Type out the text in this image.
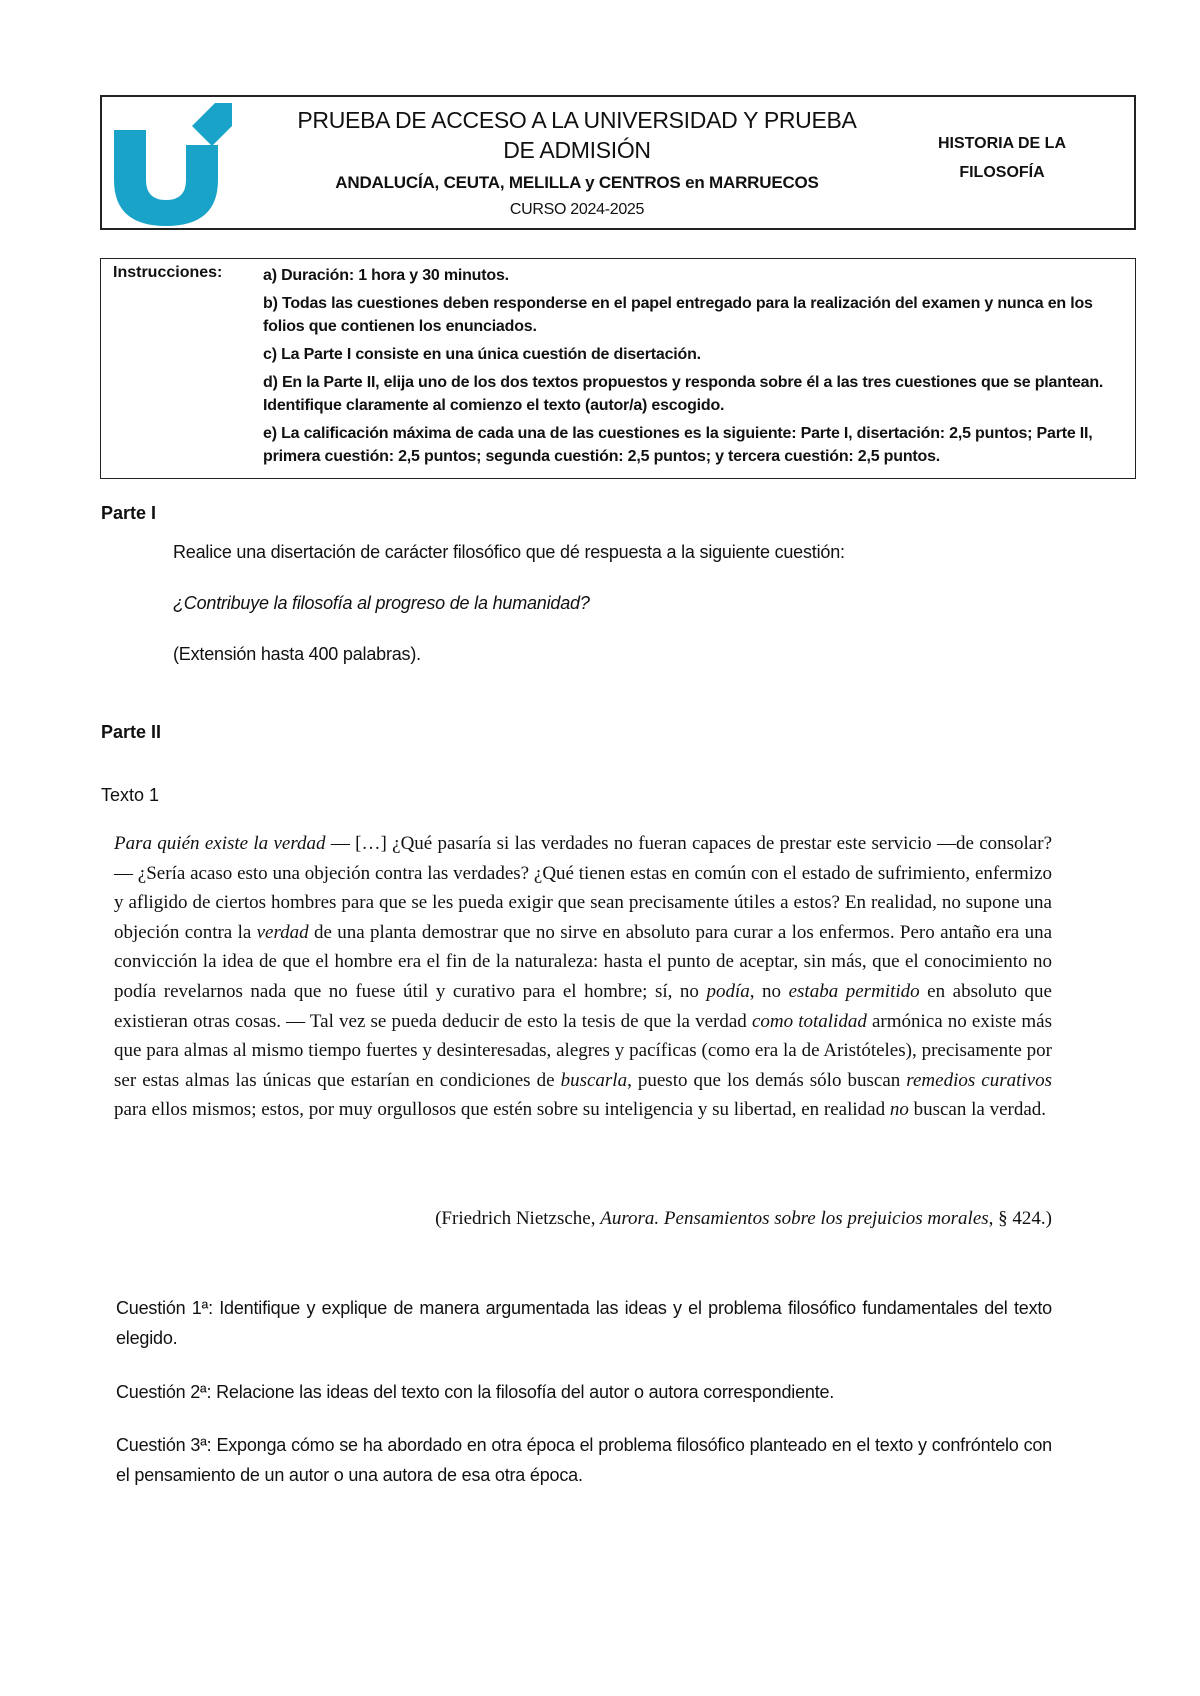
PRUEBA DE ACCESO A LA UNIVERSIDAD Y PRUEBA DE ADMISIÓN
ANDALUCÍA, CEUTA, MELILLA y CENTROS en MARRUECOS
CURSO 2024-2025
HISTORIA DE LA FILOSOFÍA
Instrucciones:	a) Duración: 1 hora y 30 minutos.
b) Todas las cuestiones deben responderse en el papel entregado para la realización del examen y nunca en los folios que contienen los enunciados.
c) La Parte I consiste en una única cuestión de disertación.
d) En la Parte II, elija uno de los dos textos propuestos y responda sobre él a las tres cuestiones que se plantean. Identifique claramente al comienzo el texto (autor/a) escogido.
e) La calificación máxima de cada una de las cuestiones es la siguiente: Parte I, disertación: 2,5 puntos; Parte II, primera cuestión: 2,5 puntos; segunda cuestión: 2,5 puntos; y tercera cuestión: 2,5 puntos.
Parte I
Realice una disertación de carácter filosófico que dé respuesta a la siguiente cuestión:
¿Contribuye la filosofía al progreso de la humanidad?
(Extensión hasta 400 palabras).
Parte II
Texto 1
Para quién existe la verdad — […] ¿Qué pasaría si las verdades no fueran capaces de prestar este servicio —de consolar? — ¿Sería acaso esto una objeción contra las verdades? ¿Qué tienen estas en común con el estado de sufrimiento, enfermizo y afligido de ciertos hombres para que se les pueda exigir que sean precisamente útiles a estos? En realidad, no supone una objeción contra la verdad de una planta demostrar que no sirve en absoluto para curar a los enfermos. Pero antaño era una convicción la idea de que el hombre era el fin de la naturaleza: hasta el punto de aceptar, sin más, que el conocimiento no podía revelarnos nada que no fuese útil y curativo para el hombre; sí, no podía, no estaba permitido en absoluto que existieran otras cosas. — Tal vez se pueda deducir de esto la tesis de que la verdad como totalidad armónica no existe más que para almas al mismo tiempo fuertes y desinteresadas, alegres y pacíficas (como era la de Aristóteles), precisamente por ser estas almas las únicas que estarían en condiciones de buscarla, puesto que los demás sólo buscan remedios curativos para ellos mismos; estos, por muy orgullosos que estén sobre su inteligencia y su libertad, en realidad no buscan la verdad.
(Friedrich Nietzsche, Aurora. Pensamientos sobre los prejuicios morales, § 424.)
Cuestión 1ª: Identifique y explique de manera argumentada las ideas y el problema filosófico fundamentales del texto elegido.
Cuestión 2ª: Relacione las ideas del texto con la filosofía del autor o autora correspondiente.
Cuestión 3ª: Exponga cómo se ha abordado en otra época el problema filosófico planteado en el texto y confróntelo con el pensamiento de un autor o una autora de esa otra época.
